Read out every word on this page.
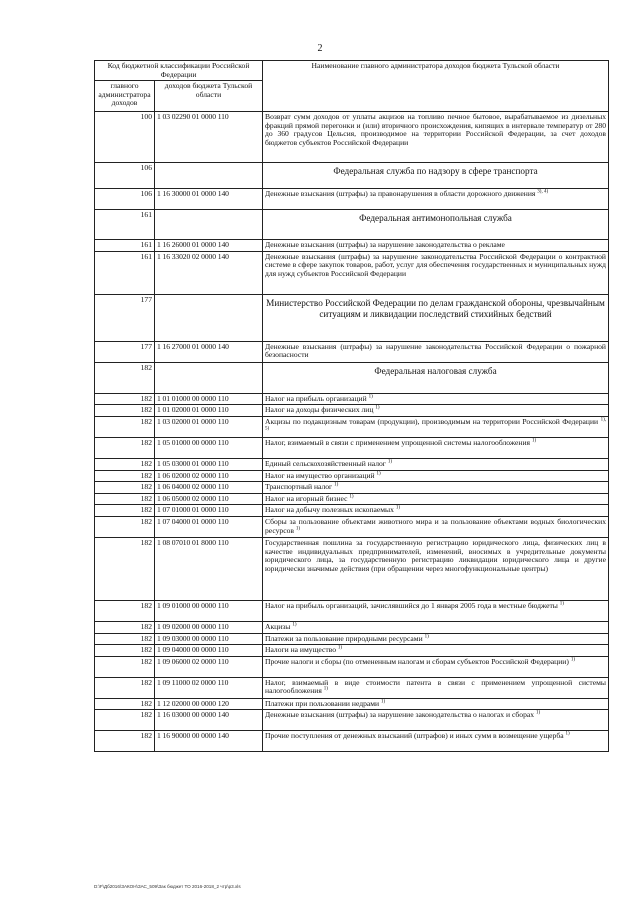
2
Код бюджетной классификации Российской Федерации		Наименование главного администратора доходов бюджета Тульской области
главного администратора доходов	доходов бюджета Тульской области	
100	1 03 02290 01 0000 110	Возврат сумм доходов от уплаты акцизов на топливо печное бытовое, вырабатываемое из дизельных фракций прямой перегонки и (или) вторичного происхождения, кипящих в интервале температур от 280 до 360 градусов Цельсия, производимое на территории Российской Федерации, за счет доходов бюджетов субъектов Российской Федерации
106		Федеральная служба по надзору в сфере транспорта
106	1 16 30000 01 0000 140	Денежные взыскания (штрафы) за правонарушения в области дорожного движения $^{3), 4)}$
161		Федеральная антимонопольная служба
161	1 16 26000 01 0000 140	Денежные взыскания (штрафы) за нарушение законодательства о рекламе
161	1 16 33020 02 0000 140	Денежные взыскания (штрафы) за нарушение законодательства Российской Федерации о контрактной системе в сфере закупок товаров, работ, услуг для обеспечения государственных и муниципальных нужд для нужд субъектов Российской Федерации
177		Министерство Российской Федерации по делам гражданской обороны, чрезвычайным ситуациям и ликвидации последствий стихийных бедствий
177	1 16 27000 01 0000 140	Денежные взыскания (штрафы) за нарушение законодательства Российской Федерации о пожарной безопасности
182		Федеральная налоговая служба
182	1 01 01000 00 0000 110	Налог на прибыль организаций $^{1)}$
182	1 01 02000 01 0000 110	Налог на доходы физических лиц $^{1)}$
182	1 03 02000 01 0000 110	Акцизы по подакцизным товарам (продукции), производимым на территории Российской Федерации $^{1), 5)}$
182	1 05 01000 00 0000 110	Налог, взимаемый в связи с применением упрощенной системы налогообложения $^{1)}$
182	1 05 03000 01 0000 110	Единый сельскохозяйственный налог $^{1)}$
182	1 06 02000 02 0000 110	Налог на имущество организаций $^{1)}$
182	1 06 04000 02 0000 110	Транспортный налог $^{1)}$
182	1 06 05000 02 0000 110	Налог на игорный бизнес $^{1)}$
182	1 07 01000 01 0000 110	Налог на добычу полезных ископаемых $^{1)}$
182	1 07 04000 01 0000 110	Сборы за пользование объектами животного мира и за пользование объектами водных биологических ресурсов $^{1)}$
182	1 08 07010 01 8000 110	Государственная пошлина за государственную регистрацию юридического лица, физических лиц в качестве индивидуальных предпринимателей, изменений, вносимых в учредительные документы юридического лица, за государственную регистрацию ликвидации юридического лица и другие юридически значимые действия (при обращении через многофункциональные центры)
182	1 09 01000 00 0000 110	Налог на прибыль организаций, зачислявшийся до 1 января 2005 года в местные бюджеты $^{1)}$
182	1 09 02000 00 0000 110	Акцизы $^{1)}$
182	1 09 03000 00 0000 110	Платежи за пользование природными ресурсами $^{1)}$
182	1 09 04000 00 0000 110	Налоги на имущество $^{1)}$
182	1 09 06000 02 0000 110	Прочие налоги и сборы (по отмененным налогам и сборам субъектов Российской Федерации) $^{1)}$
182	1 09 11000 02 0000 110	Налог, взимаемый в виде стоимости патента в связи с применением упрощенной системы налогообложения $^{1)}$
182	1 12 02000 00 0000 120	Платежи при пользовании недрами $^{1)}$
182	1 16 03000 00 0000 140	Денежные взыскания (штрафы) за нарушение законодательства о налогах и сборах $^{1)}$
182	1 16 90000 00 0000 140	Прочие поступления от денежных взысканий (штрафов) и иных сумм в возмещение ущерба $^{1)}$
D:\F\Дб2016\ЗАКОН\ЗАС_509\Зак бюджет ТО 2016-2018_2 чтр\р3.xls
